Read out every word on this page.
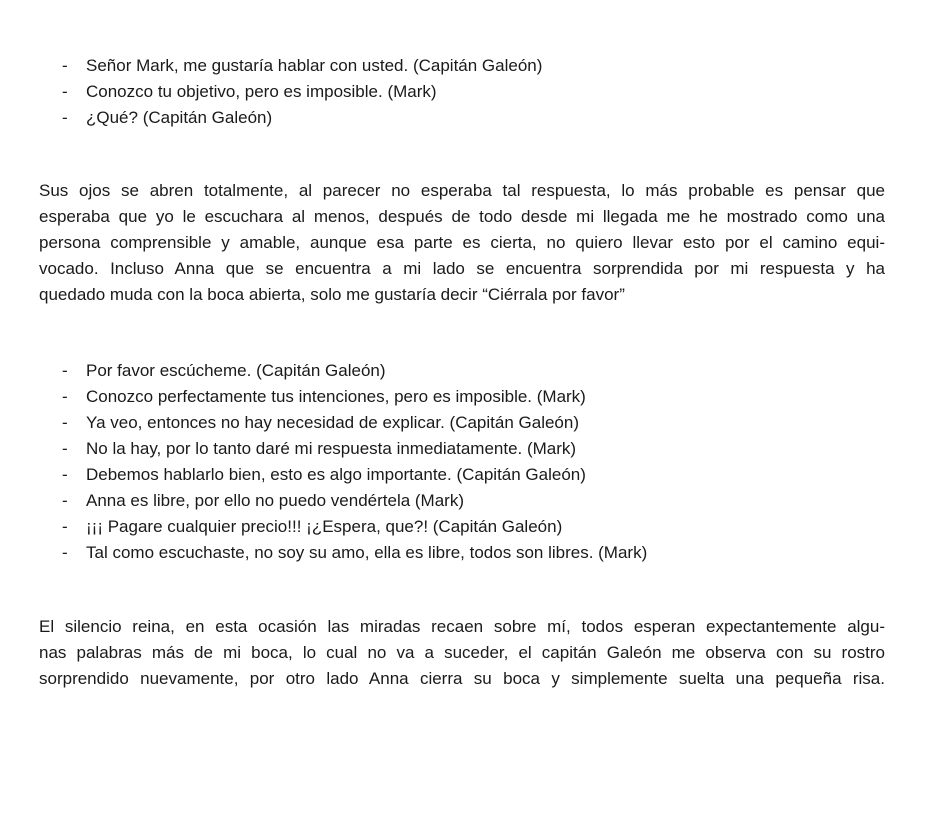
-	Señor Mark, me gustaría hablar con usted. (Capitán Galeón)
-	Conozco tu objetivo, pero es imposible. (Mark)
-	¿Qué? (Capitán Galeón)

Sus ojos se abren totalmente, al parecer no esperaba tal respuesta, lo más probable es pensar que
esperaba que yo le escuchara al menos, después de todo desde mi llegada me he mostrado como una
persona comprensible y amable, aunque esa parte es cierta, no quiero llevar esto por el camino equi-
vocado. Incluso Anna que se encuentra a mi lado se encuentra sorprendida por mi respuesta y ha
quedado muda con la boca abierta, solo me gustaría decir “Ciérrala por favor”

-	Por favor escúcheme. (Capitán Galeón)
-	Conozco perfectamente tus intenciones, pero es imposible. (Mark)
-	Ya veo, entonces no hay necesidad de explicar. (Capitán Galeón)
-	No la hay, por lo tanto daré mi respuesta inmediatamente. (Mark)
-	Debemos hablarlo bien, esto es algo importante. (Capitán Galeón)
-	Anna es libre, por ello no puedo vendértela (Mark)
-	¡¡¡ Pagare cualquier precio!!! ¡¿Espera, que?! (Capitán Galeón)
-	Tal como escuchaste, no soy su amo, ella es libre, todos son libres. (Mark)

El silencio reina, en esta ocasión las miradas recaen sobre mí, todos esperan expectantemente algu-
nas palabras más de mi boca, lo cual no va a suceder, el capitán Galeón me observa con su rostro
sorprendido nuevamente, por otro lado Anna cierra su boca y simplemente suelta una pequeña risa.
